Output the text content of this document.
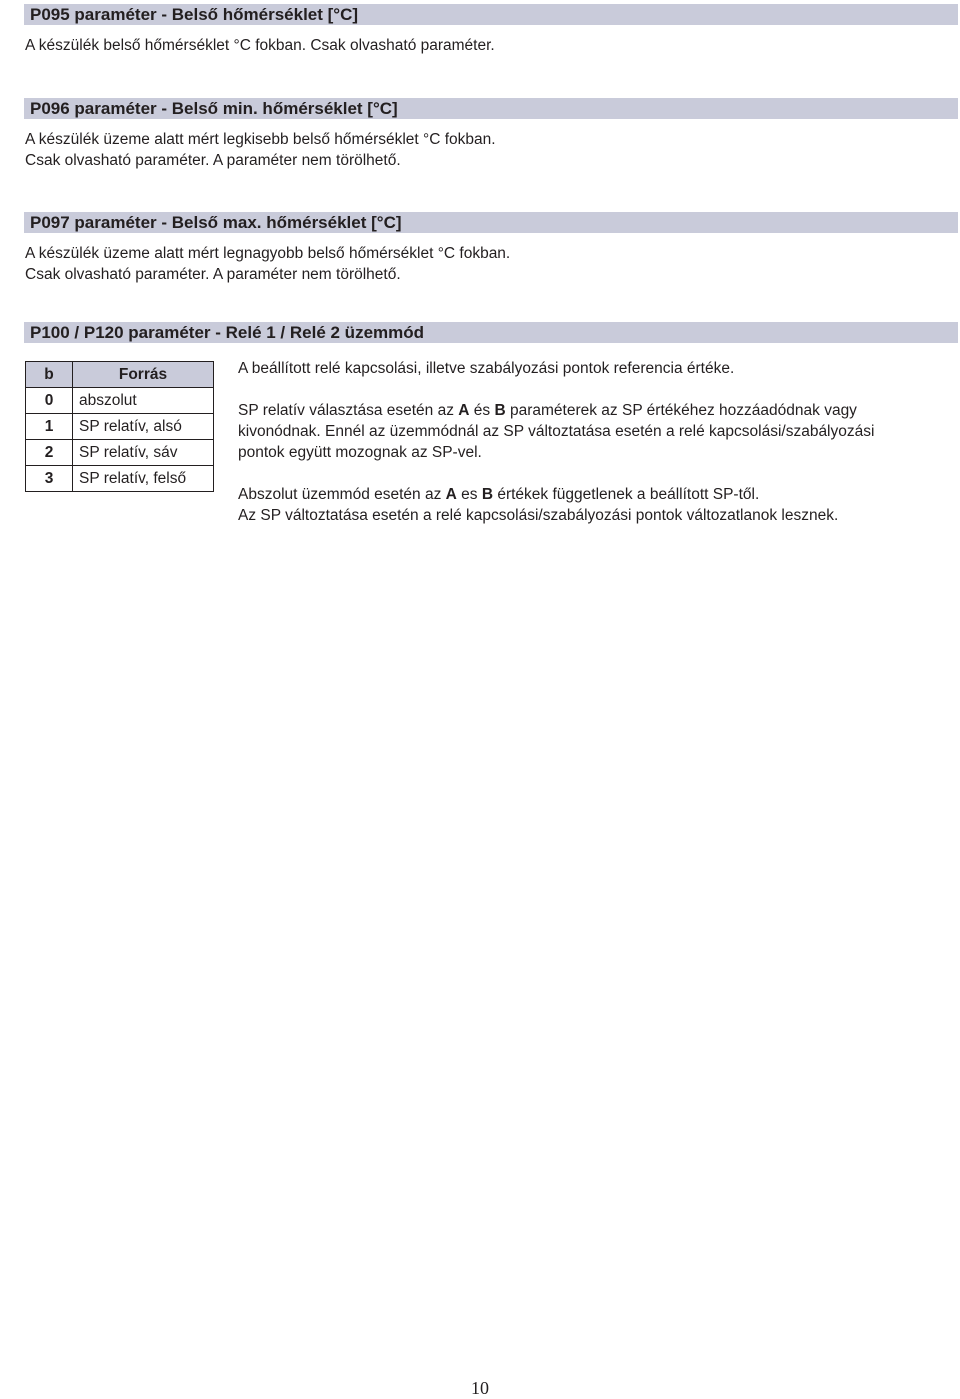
P095 paraméter - Belső hőmérséklet [°C]
A készülék belső hőmérséklet °C fokban. Csak olvasható paraméter.
P096 paraméter - Belső min. hőmérséklet [°C]
A készülék üzeme alatt mért legkisebb belső hőmérséklet °C fokban.
Csak olvasható paraméter. A paraméter nem törölhető.
P097 paraméter - Belső max. hőmérséklet [°C]
A készülék üzeme alatt mért legnagyobb belső hőmérséklet °C fokban.
Csak olvasható paraméter. A paraméter nem törölhető.
P100 / P120 paraméter - Relé 1 / Relé 2 üzemmód
b	Forrás
0	abszolut
1	SP relatív, alsó
2	SP relatív, sáv
3	SP relatív, felső
A beállított relé kapcsolási, illetve szabályozási pontok referencia értéke.
SP relatív választása esetén az A és B paraméterek az SP értékéhez hozzáadódnak vagy
kivonódnak. Ennél az üzemmódnál az SP változtatása esetén a relé kapcsolási/szabályozási
pontok együtt mozognak az SP-vel.
Abszolut üzemmód esetén az A es B értékek függetlenek a beállított SP-től.
Az SP változtatása esetén a relé kapcsolási/szabályozási pontok változatlanok lesznek.
10
